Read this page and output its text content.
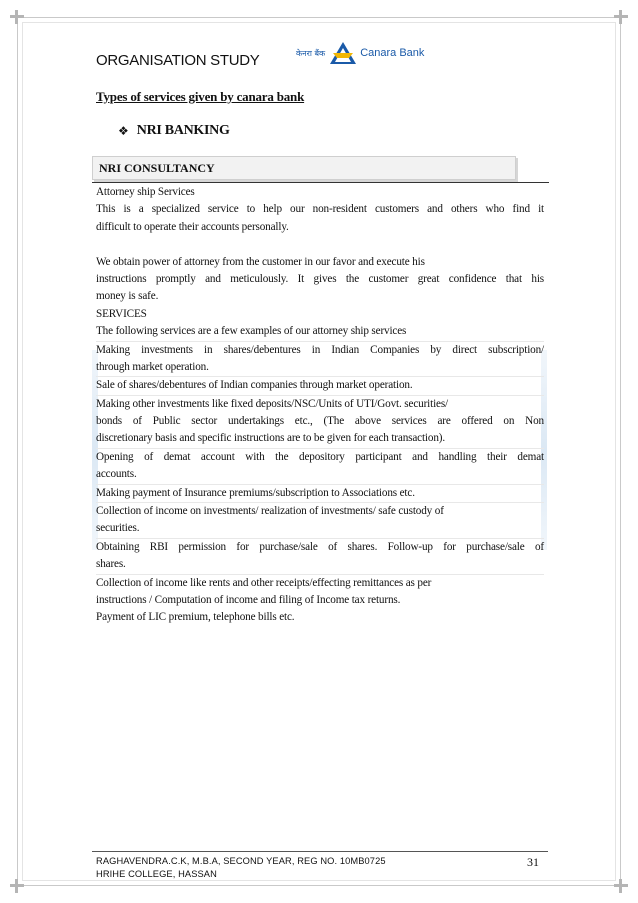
ORGANISATION STUDY	केनरा बैंक	Canara Bank
Types of services given by canara bank
❖ NRI BANKING
NRI CONSULTANCY
Attorney ship Services
This is a specialized service to help our non-resident customers and others who find it
difficult to operate their accounts personally.
We obtain power of attorney from the customer in our favor and execute his
instructions promptly and meticulously. It gives the customer great confidence that his
money is safe.
SERVICES
The following services are a few examples of our attorney ship services
Making investments in shares/debentures in Indian Companies by direct subscription/
through market operation.
Sale of shares/debentures of Indian companies through market operation.
Making other investments like fixed deposits/NSC/Units of UTI/Govt. securities/
bonds of Public sector undertakings etc., (The above services are offered on Non
discretionary basis and specific instructions are to be given for each transaction).
Opening of demat account with the depository participant and handling their demat
accounts.
Making payment of Insurance premiums/subscription to Associations etc.
Collection of income on investments/ realization of investments/ safe custody of
securities.
Obtaining RBI permission for purchase/sale of shares. Follow-up for purchase/sale of
shares.
Collection of income like rents and other receipts/effecting remittances as per
instructions / Computation of income and filing of Income tax returns.
Payment of LIC premium, telephone bills etc.
RAGHAVENDRA.C.K, M.B.A, SECOND YEAR, REG NO. 10MB0725
HRIHE COLLEGE, HASSAN
31
